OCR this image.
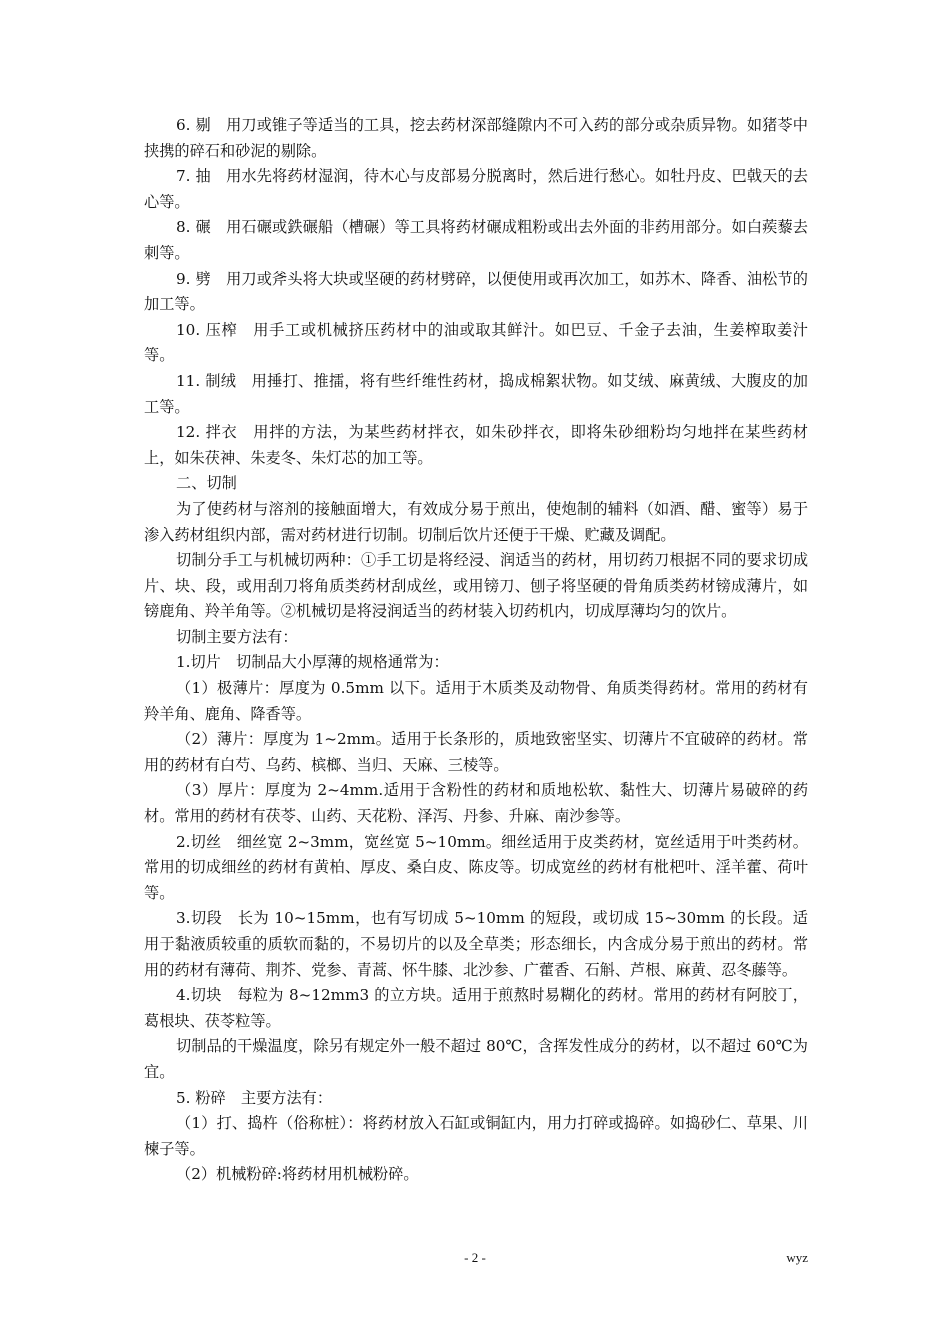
6. 剔　用刀或锥子等适当的工具，挖去药材深部缝隙内不可入药的部分或杂质异物。如猪苓中挟携的碎石和砂泥的剔除。

7. 抽　用水先将药材湿润，待木心与皮部易分脱离时，然后进行愁心。如牡丹皮、巴戟天的去心等。

8. 碾　用石碾或鉄碾船（槽碾）等工具将药材碾成粗粉或出去外面的非药用部分。如白蒺藜去刺等。

9. 劈　用刀或斧头将大块或坚硬的药材劈碎，以便使用或再次加工，如苏木、降香、油松节的加工等。

10. 压榨　用手工或机械挤压药材中的油或取其鲜汁。如巴豆、千金子去油，生姜榨取姜汁等。

11. 制绒　用捶打、推擂，将有些纤维性药材，捣成棉絮状物。如艾绒、麻黄绒、大腹皮的加工等。

12. 拌衣　用拌的方法，为某些药材拌衣，如朱砂拌衣，即将朱砂细粉均匀地拌在某些药材上，如朱茯神、朱麦冬、朱灯芯的加工等。

二、切制

为了使药材与溶剂的接触面增大，有效成分易于煎出，使炮制的辅料（如酒、醋、蜜等）易于渗入药材组织内部，需对药材进行切制。切制后饮片还便于干燥、贮藏及调配。

切制分手工与机械切两种：①手工切是将经浸、润适当的药材，用切药刀根据不同的要求切成片、块、段，或用刮刀将角质类药材刮成丝，或用镑刀、刨子将坚硬的骨角质类药材镑成薄片，如镑鹿角、羚羊角等。②机械切是将浸润适当的药材装入切药机内，切成厚薄均匀的饮片。

切制主要方法有：

1.切片　切制品大小厚薄的规格通常为：

（1）极薄片：厚度为 0.5mm 以下。适用于木质类及动物骨、角质类得药材。常用的药材有羚羊角、鹿角、降香等。

（2）薄片：厚度为 1~2mm。适用于长条形的，质地致密坚实、切薄片不宜破碎的药材。常用的药材有白芍、乌药、槟榔、当归、天麻、三棱等。

（3）厚片：厚度为 2~4mm.适用于含粉性的药材和质地松软、黏性大、切薄片易破碎的药材。常用的药材有茯苓、山药、天花粉、泽泻、丹参、升麻、南沙参等。

2.切丝　细丝宽 2~3mm，宽丝宽 5~10mm。细丝适用于皮类药材，宽丝适用于叶类药材。常用的切成细丝的药材有黄柏、厚皮、桑白皮、陈皮等。切成宽丝的药材有枇杷叶、淫羊藿、荷叶等。

3.切段　长为 10~15mm，也有写切成 5~10mm 的短段，或切成 15~30mm 的长段。适用于黏液质较重的质软而黏的，不易切片的以及全草类；形态细长，内含成分易于煎出的药材。常用的药材有薄荷、荆芥、党参、青蒿、怀牛膝、北沙参、广藿香、石斛、芦根、麻黄、忍冬藤等。

4.切块　每粒为 8~12mm3 的立方块。适用于煎熬时易糊化的药材。常用的药材有阿胶丁，葛根块、茯苓粒等。

切制品的干燥温度，除另有规定外一般不超过 80℃，含挥发性成分的药材，以不超过 60℃为宜。

5. 粉碎　主要方法有：

（1）打、捣杵（俗称桩）：将药材放入石缸或铜缸内，用力打碎或捣碎。如捣砂仁、草果、川楝子等。

（2）机械粉碎:将药材用机械粉碎。

- 2 -	wyz
